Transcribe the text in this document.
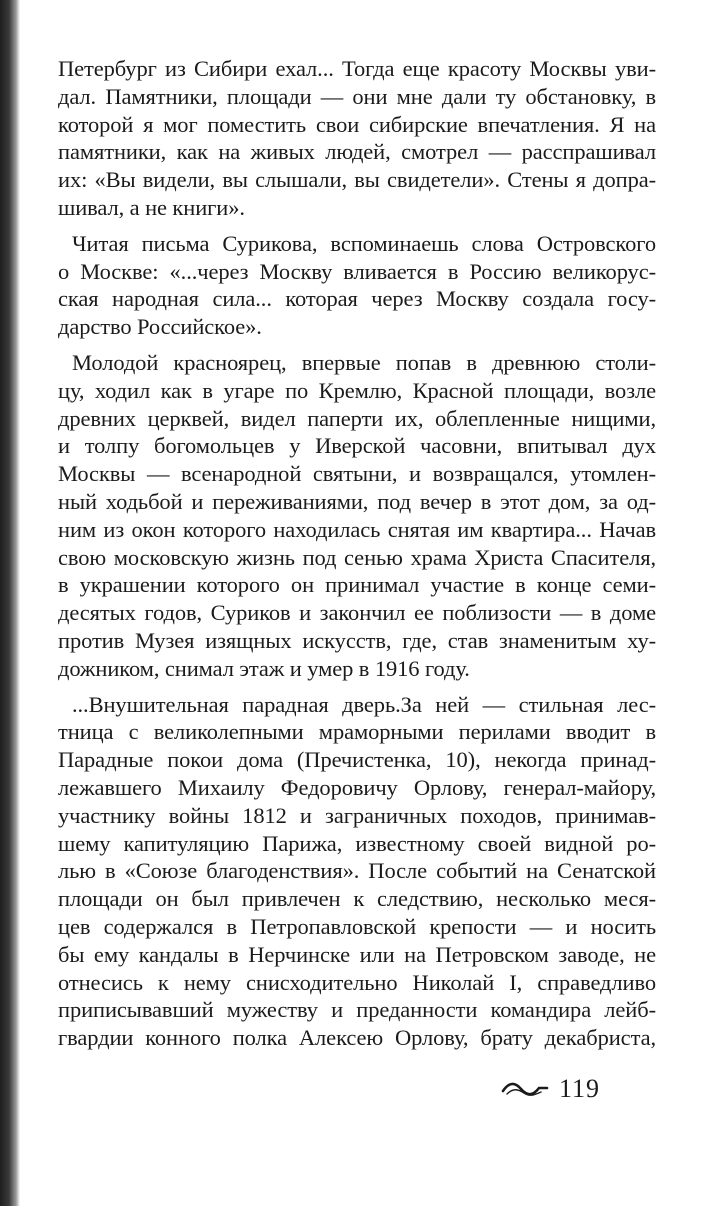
Петербург из Сибири ехал... Тогда еще красоту Москвы уви-
дал. Памятники, площади — они мне дали ту обстановку, в
которой я мог поместить свои сибирские впечатления. Я на
памятники, как на живых людей, смотрел — расспрашивал
их: «Вы видели, вы слышали, вы свидетели». Стены я допра-
шивал, а не книги».

Читая письма Сурикова, вспоминаешь слова Островского
о Москве: «...через Москву вливается в Россию великорус-
ская народная сила... которая через Москву создала госу-
дарство Российское».

Молодой красноярец, впервые попав в древнюю столи-
цу, ходил как в угаре по Кремлю, Красной площади, возле
древних церквей, видел паперти их, облепленные нищими,
и толпу богомольцев у Иверской часовни, впитывал дух
Москвы — всенародной святыни, и возвращался, утомлен-
ный ходьбой и переживаниями, под вечер в этот дом, за од-
ним из окон которого находилась снятая им квартира... Начав
свою московскую жизнь под сенью храма Христа Спасителя,
в украшении которого он принимал участие в конце семи-
десятых годов, Суриков и закончил ее поблизости — в доме
против Музея изящных искусств, где, став знаменитым ху-
дожником, снимал этаж и умер в 1916 году.

...Внушительная парадная дверь.За ней — стильная лес-
тница с великолепными мраморными перилами вводит в
Парадные покои дома (Пречистенка, 10), некогда принад-
лежавшего Михаилу Федоровичу Орлову, генерал-майору,
участнику войны 1812 и заграничных походов, принимав-
шему капитуляцию Парижа, известному своей видной ро-
лью в «Союзе благоденствия». После событий на Сенатской
площади он был привлечен к следствию, несколько меся-
цев содержался в Петропавловской крепости — и носить
бы ему кандалы в Нерчинске или на Петровском заводе, не
отнесись к нему снисходительно Николай I, справедливо
приписывавший мужеству и преданности командира лейб-
гвардии конного полка Алексею Орлову, брату декабриста,

119
